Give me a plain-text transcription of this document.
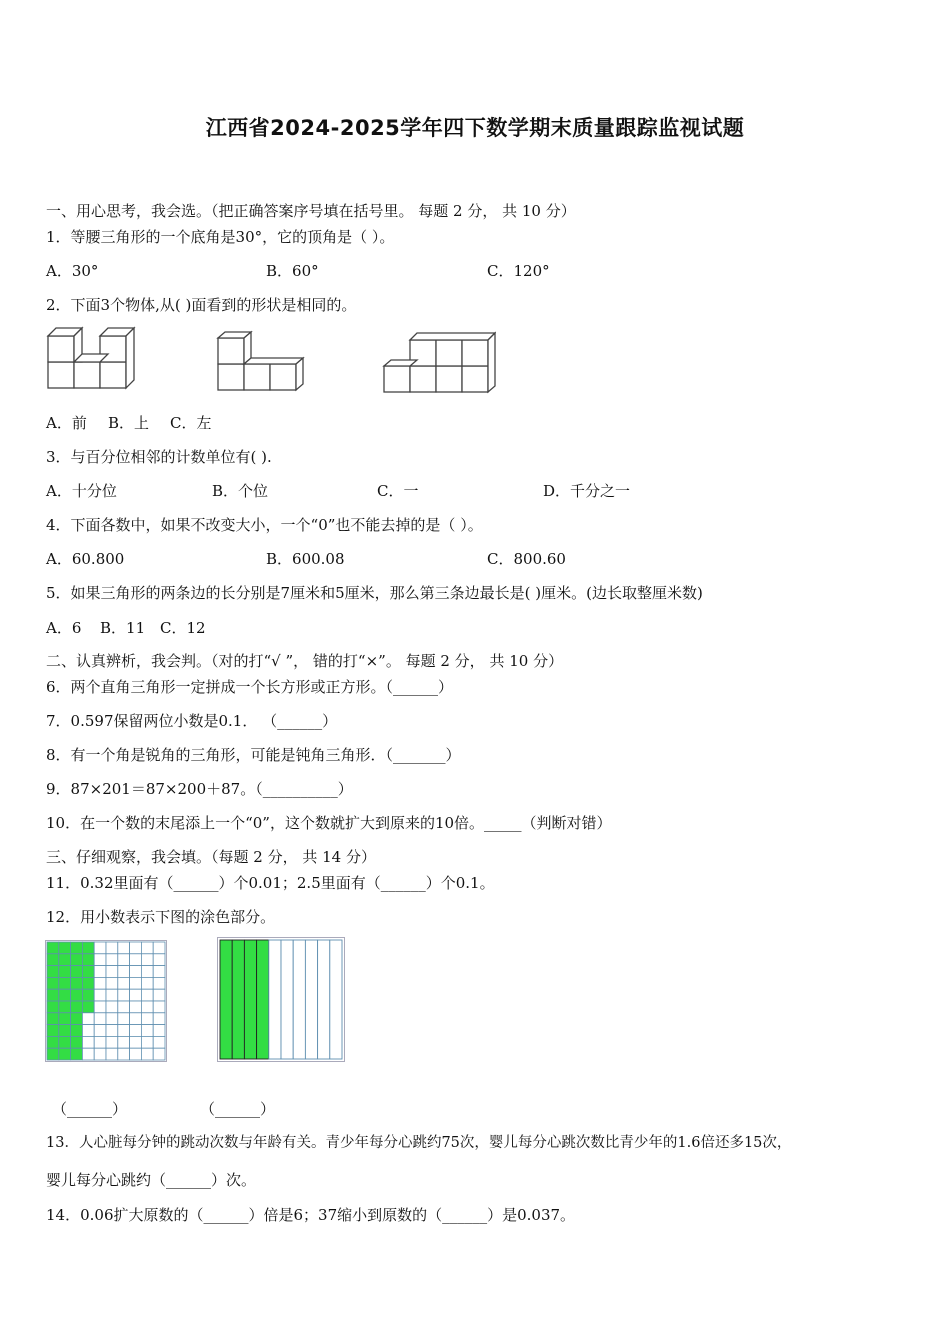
江西省2024-2025学年四下数学期末质量跟踪监视试题
一、用心思考，我会选。（把正确答案序号填在括号里。 每题 2 分， 共 10 分）
1．等腰三角形的一个底角是30°，它的顶角是（ ）。
A．30°	B．60°	C．120°
2．下面3个物体,从( )面看到的形状是相同的。
A．前 B．上 C．左
3．与百分位相邻的计数单位有( ).
A．十分位	B．个位	C．一	D．千分之一
4．下面各数中，如果不改变大小，一个“0”也不能去掉的是（ ）。
A．60.800	B．600.08	C．800.60
5．如果三角形的两条边的长分别是7厘米和5厘米，那么第三条边最长是( )厘米。(边长取整厘米数)
A．6 B．11 C．12
二、认真辨析，我会判。（对的打“√ ”， 错的打“×”。 每题 2 分， 共 10 分）
6．两个直角三角形一定拼成一个长方形或正方形。（______）
7．0.597保留两位小数是0.1． （______）
8．有一个角是锐角的三角形，可能是钝角三角形．（_______）
9．87×201＝87×200＋87。（__________）
10．在一个数的末尾添上一个“0”，这个数就扩大到原来的10倍。_____（判断对错）
三、仔细观察，我会填。（每题 2 分， 共 14 分）
11．0.32里面有（______）个0.01；2.5里面有（______）个0.1。
12．用小数表示下图的涂色部分。
（______）	（______）
13．人心脏每分钟的跳动次数与年龄有关。青少年每分心跳约75次，婴儿每分心跳次数比青少年的1.6倍还多15次，
婴儿每分心跳约（______）次。
14．0.06扩大原数的（______）倍是6；37缩小到原数的（______）是0.037。
